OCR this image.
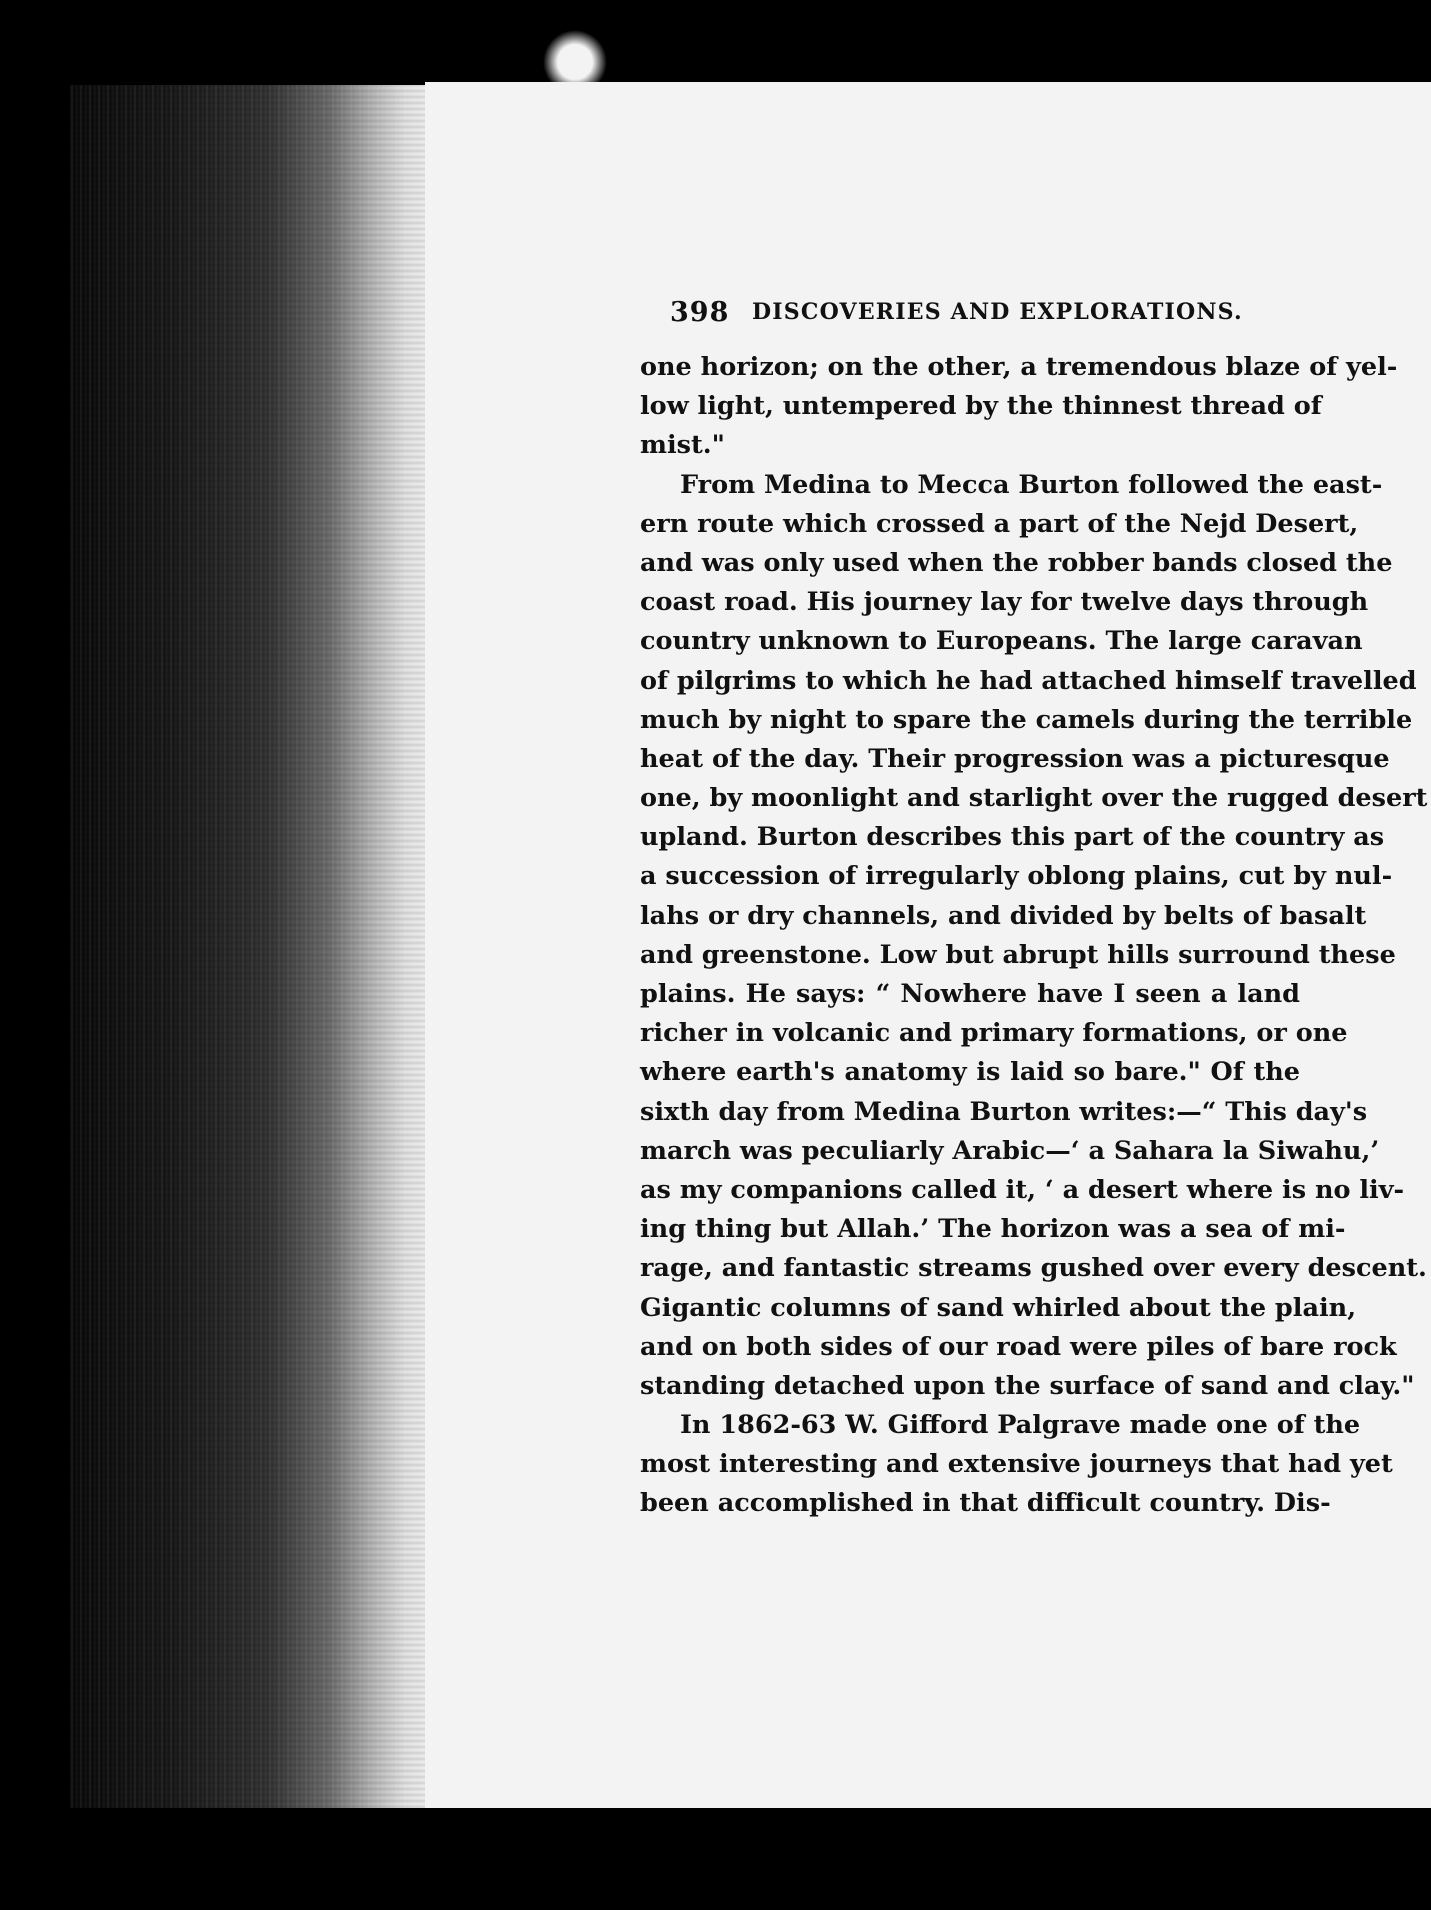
398 DISCOVERIES AND EXPLORATIONS.
one horizon; on the other, a tremendous blaze of yel-
low light, untempered by the thinnest thread of
mist."
From Medina to Mecca Burton followed the east-
ern route which crossed a part of the Nejd Desert,
and was only used when the robber bands closed the
coast road. His journey lay for twelve days through
country unknown to Europeans. The large caravan
of pilgrims to which he had attached himself travelled
much by night to spare the camels during the terrible
heat of the day. Their progression was a picturesque
one, by moonlight and starlight over the rugged desert
upland. Burton describes this part of the country as
a succession of irregularly oblong plains, cut by nul-
lahs or dry channels, and divided by belts of basalt
and greenstone. Low but abrupt hills surround these
plains. He says: “ Nowhere have I seen a land
richer in volcanic and primary formations, or one
where earth's anatomy is laid so bare." Of the
sixth day from Medina Burton writes:—“ This day's
march was peculiarly Arabic—‘ a Sahara la Siwahu,’
as my companions called it, ‘ a desert where is no liv-
ing thing but Allah.’ The horizon was a sea of mi-
rage, and fantastic streams gushed over every descent.
Gigantic columns of sand whirled about the plain,
and on both sides of our road were piles of bare rock
standing detached upon the surface of sand and clay."
In 1862-63 W. Gifford Palgrave made one of the
most interesting and extensive journeys that had yet
been accomplished in that difficult country. Dis-
